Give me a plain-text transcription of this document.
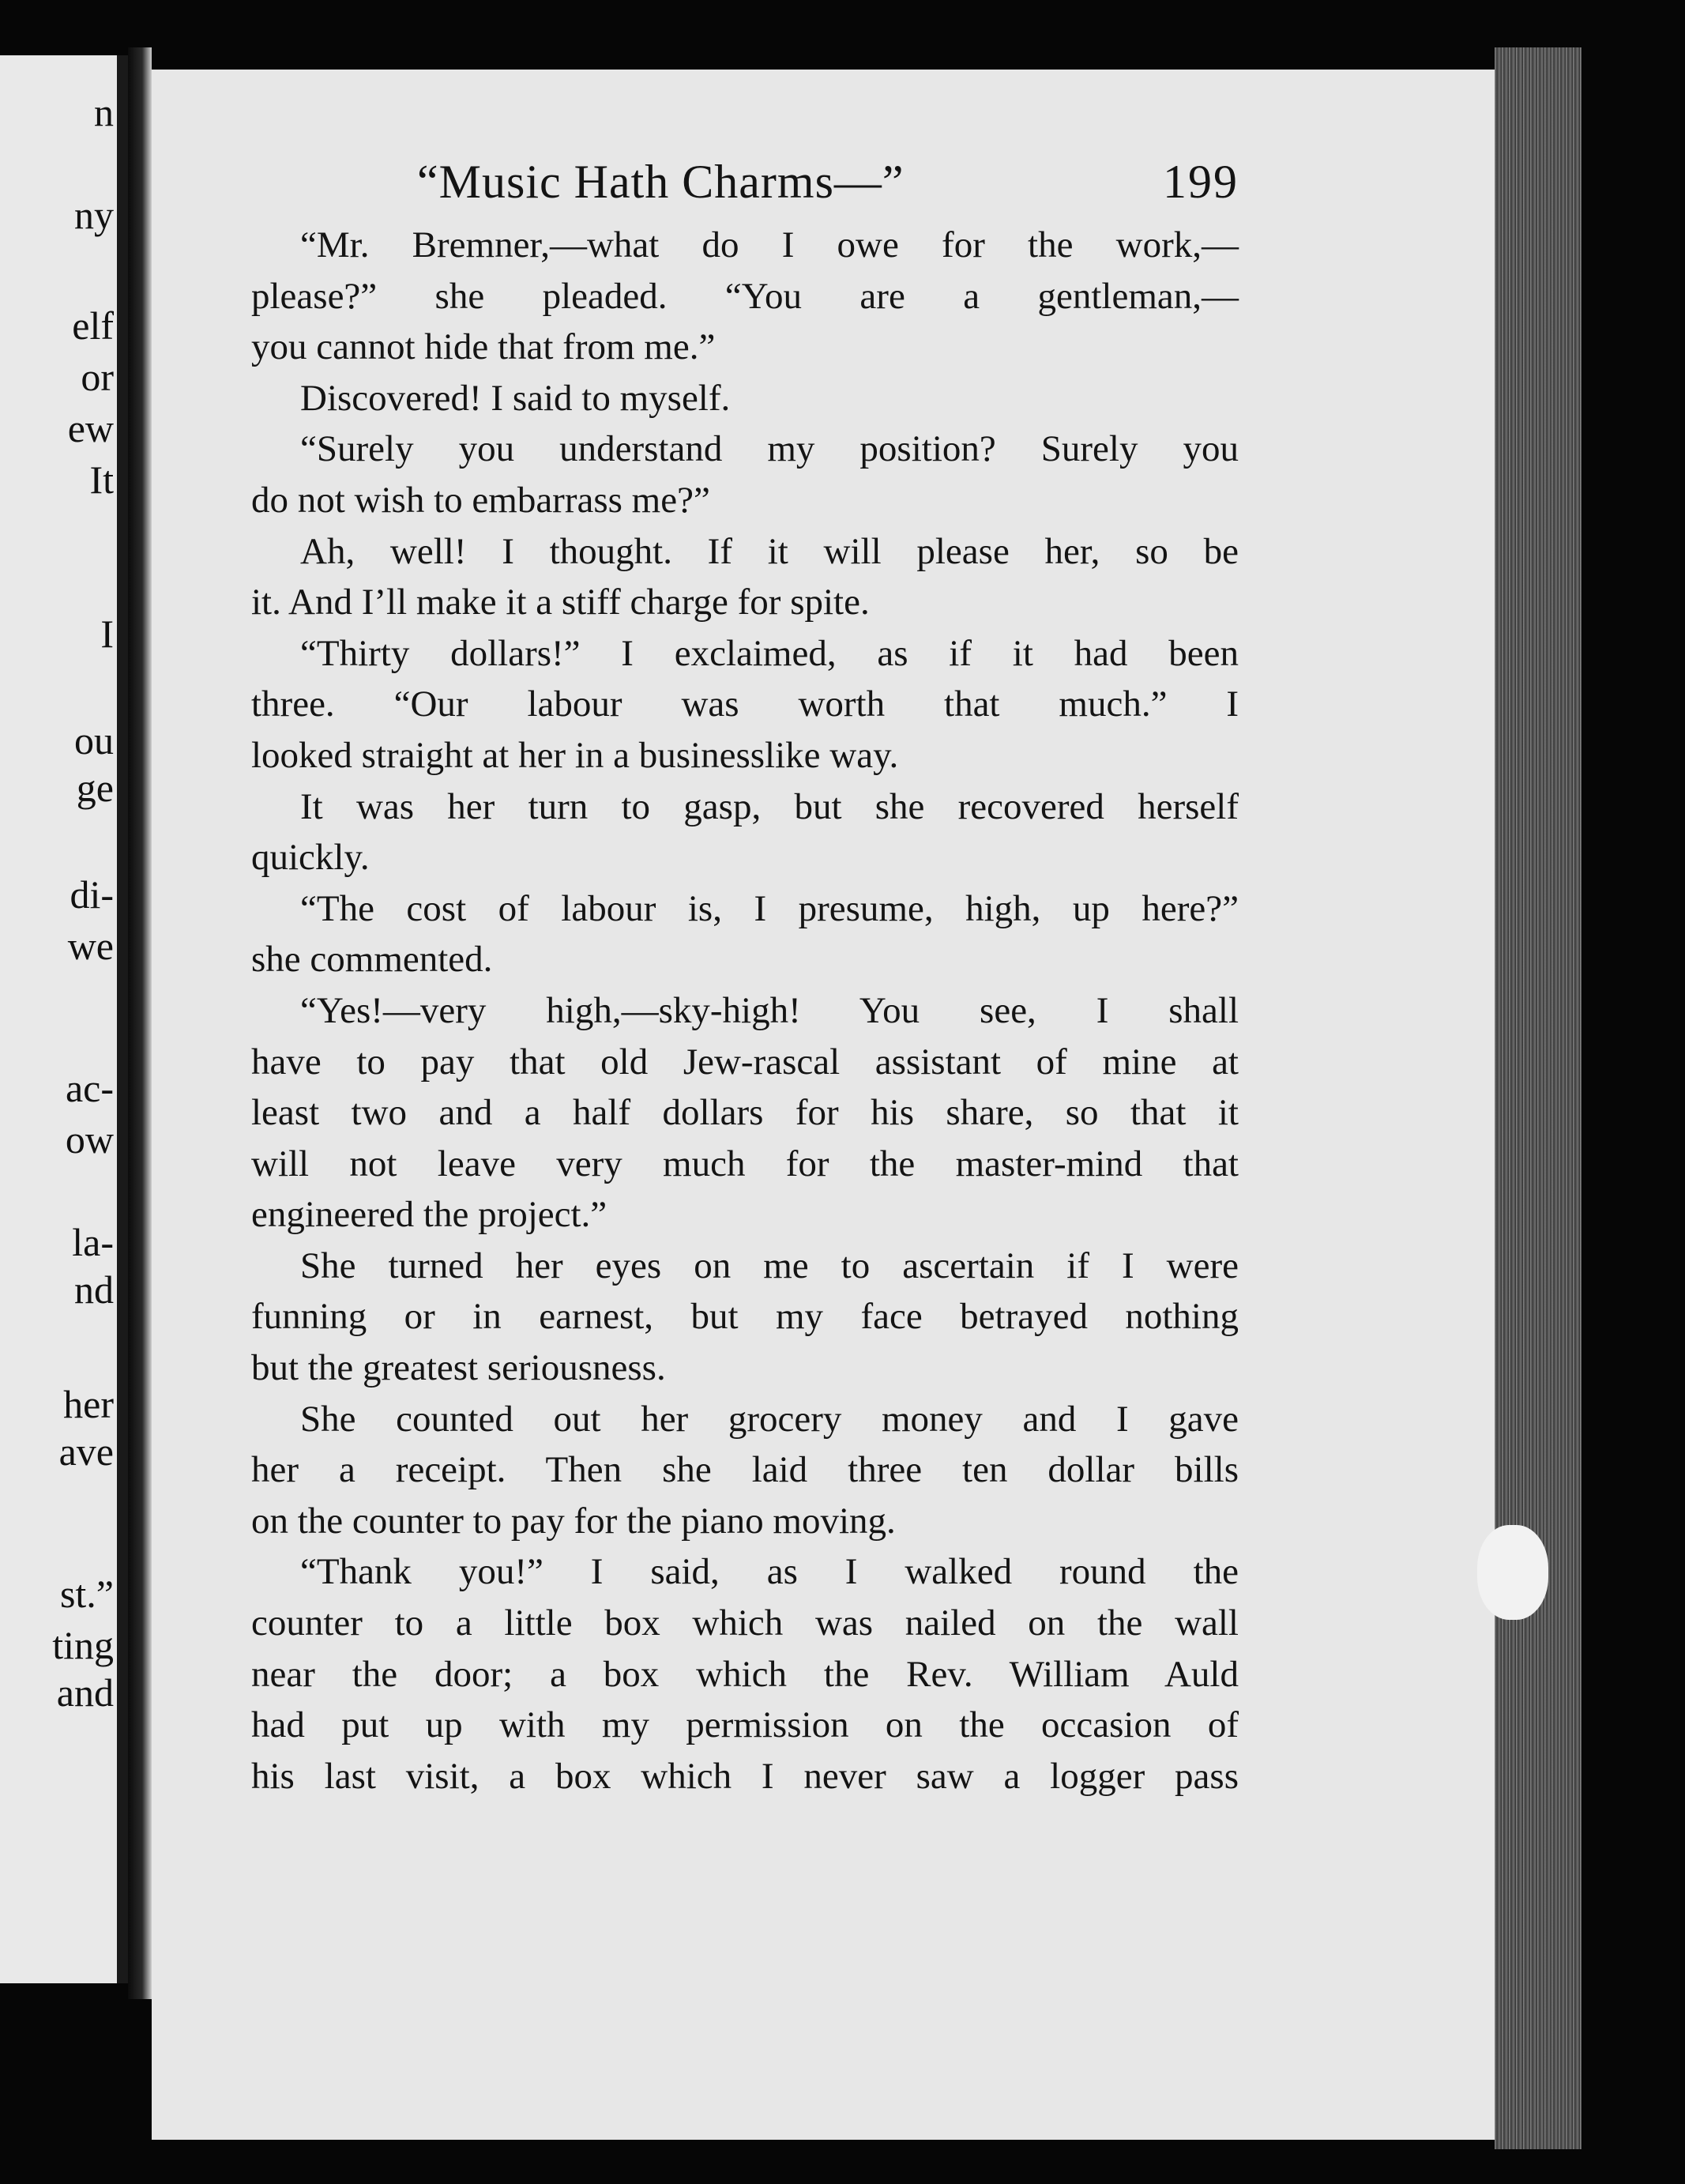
n
ny
elf
or
ew
It
I
ou
ge
di-
we
ac-
ow
la-
nd
her
ave
st.”
ting
and
“Music Hath Charms—”	199
“Mr. Bremner,—what do I owe for the work,—
please?” she pleaded. “You are a gentleman,—
you cannot hide that from me.”
Discovered! I said to myself.
“Surely you understand my position? Surely you
do not wish to embarrass me?”
Ah, well! I thought. If it will please her, so be
it. And I’ll make it a stiff charge for spite.
“Thirty dollars!” I exclaimed, as if it had been
three. “Our labour was worth that much.” I
looked straight at her in a businesslike way.
It was her turn to gasp, but she recovered herself
quickly.
“The cost of labour is, I presume, high, up here?”
she commented.
“Yes!—very high,—sky-high! You see, I shall
have to pay that old Jew-rascal assistant of mine at
least two and a half dollars for his share, so that it
will not leave very much for the master-mind that
engineered the project.”
She turned her eyes on me to ascertain if I were
funning or in earnest, but my face betrayed nothing
but the greatest seriousness.
She counted out her grocery money and I gave
her a receipt. Then she laid three ten dollar bills
on the counter to pay for the piano moving.
“Thank you!” I said, as I walked round the
counter to a little box which was nailed on the wall
near the door; a box which the Rev. William Auld
had put up with my permission on the occasion of
his last visit, a box which I never saw a logger pass
